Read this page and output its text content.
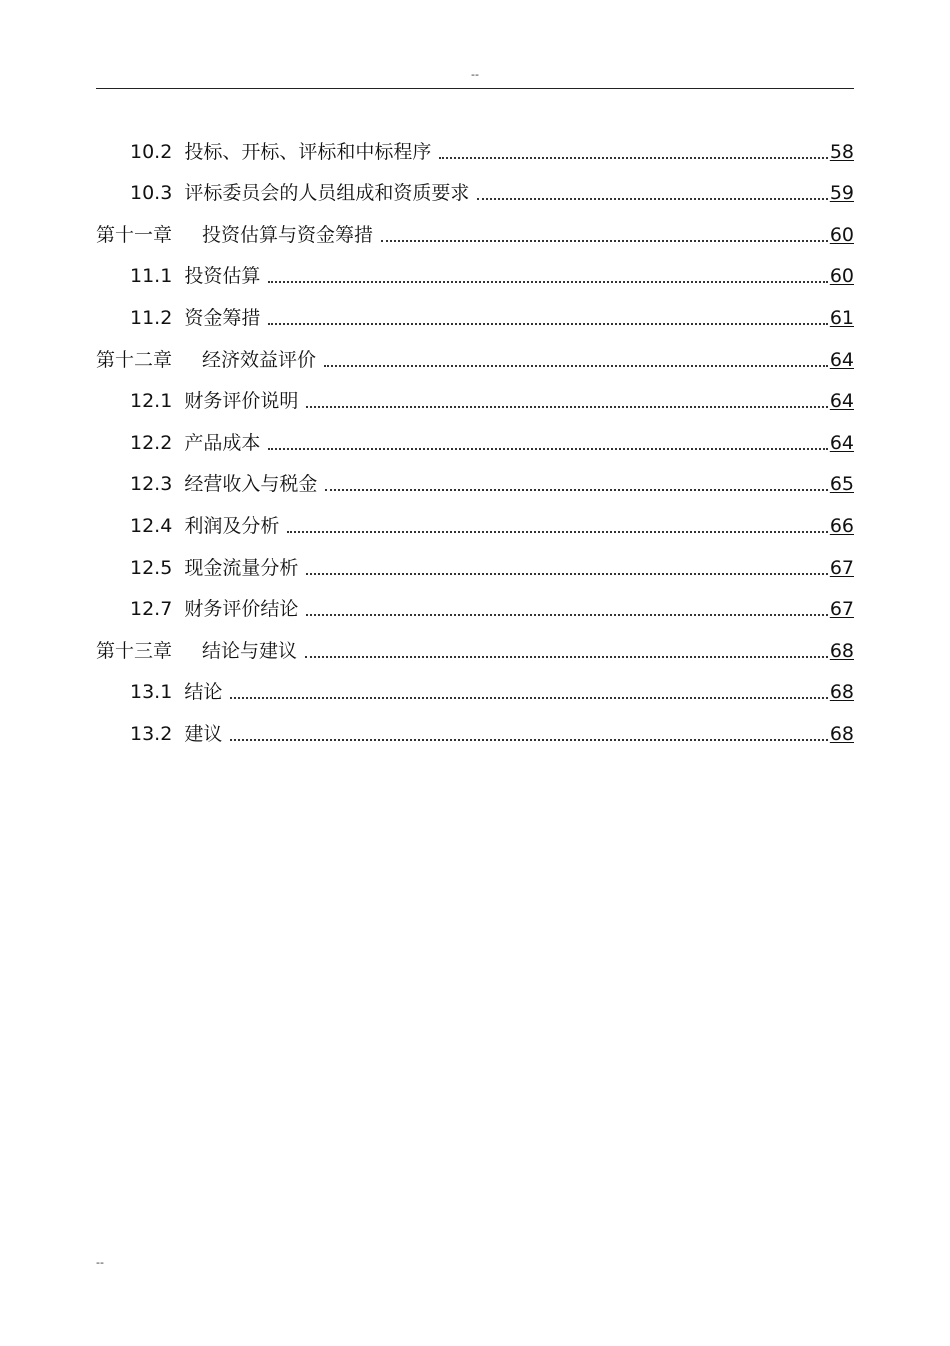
--
10.2 投标、开标、评标和中标程序	58
10.3 评标委员会的人员组成和资质要求	59
第十一章 投资估算与资金筹措	60
11.1 投资估算	60
11.2 资金筹措	61
第十二章 经济效益评价	64
12.1 财务评价说明	64
12.2 产品成本	64
12.3 经营收入与税金	65
12.4 利润及分析	66
12.5 现金流量分析	67
12.7 财务评价结论	67
第十三章 结论与建议	68
13.1 结论	68
13.2 建议	68
--
